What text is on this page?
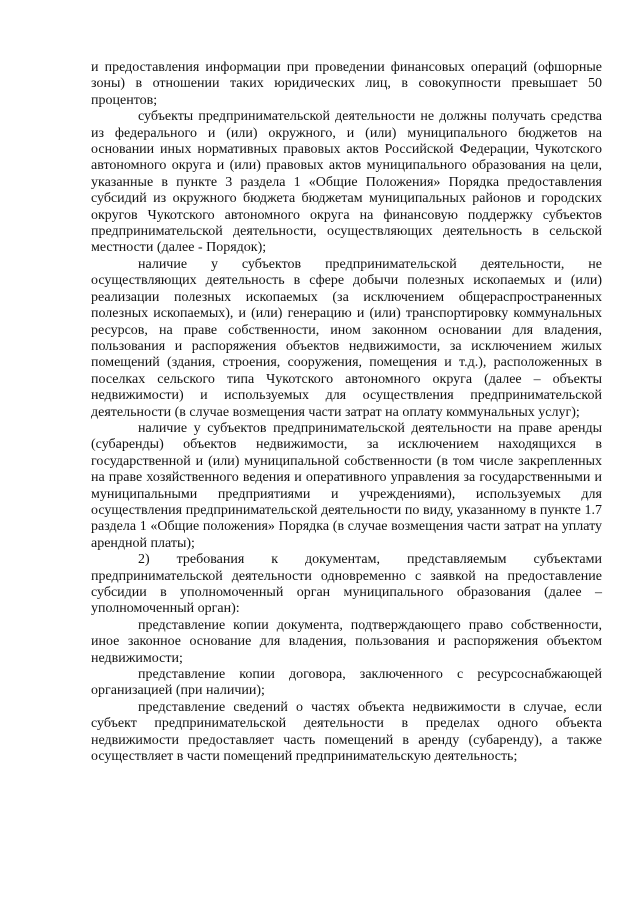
и предоставления информации при проведении финансовых операций (офшорные зоны) в отношении таких юридических лиц, в совокупности превышает 50 процентов;

субъекты предпринимательской деятельности не должны получать средства из федерального и (или) окружного, и (или) муниципального бюджетов на основании иных нормативных правовых актов Российской Федерации, Чукотского автономного округа и (или) правовых актов муниципального образования на цели, указанные в пункте 3 раздела 1 «Общие Положения» Порядка предоставления субсидий из окружного бюджета бюджетам муниципальных районов и городских округов Чукотского автономного округа на финансовую поддержку субъектов предпринимательской деятельности, осуществляющих деятельность в сельской местности (далее - Порядок);

наличие у субъектов предпринимательской деятельности, не осуществляющих деятельность в сфере добычи полезных ископаемых и (или) реализации полезных ископаемых (за исключением общераспространенных полезных ископаемых), и (или) генерацию и (или) транспортировку коммунальных ресурсов, на праве собственности, ином законном основании для владения, пользования и распоряжения объектов недвижимости, за исключением жилых помещений (здания, строения, сооружения, помещения и т.д.), расположенных в поселках сельского типа Чукотского автономного округа (далее – объекты недвижимости) и используемых для осуществления предпринимательской деятельности (в случае возмещения части затрат на оплату коммунальных услуг);

наличие у субъектов предпринимательской деятельности на праве аренды (субаренды) объектов недвижимости, за исключением находящихся в государственной и (или) муниципальной собственности (в том числе закрепленных на праве хозяйственного ведения и оперативного управления за государственными и муниципальными предприятиями и учреждениями), используемых для осуществления предпринимательской деятельности по виду, указанному в пункте 1.7 раздела 1 «Общие положения» Порядка (в случае возмещения части затрат на уплату арендной платы);

2) требования к документам, представляемым субъектами предпринимательской деятельности одновременно с заявкой на предоставление субсидии в уполномоченный орган муниципального образования (далее – уполномоченный орган):

представление копии документа, подтверждающего право собственности, иное законное основание для владения, пользования и распоряжения объектом недвижимости;

представление копии договора, заключенного с ресурсоснабжающей организацией (при наличии);

представление сведений о частях объекта недвижимости в случае, если субъект предпринимательской деятельности в пределах одного объекта недвижимости предоставляет часть помещений в аренду (субаренду), а также осуществляет в части помещений предпринимательскую деятельность;
